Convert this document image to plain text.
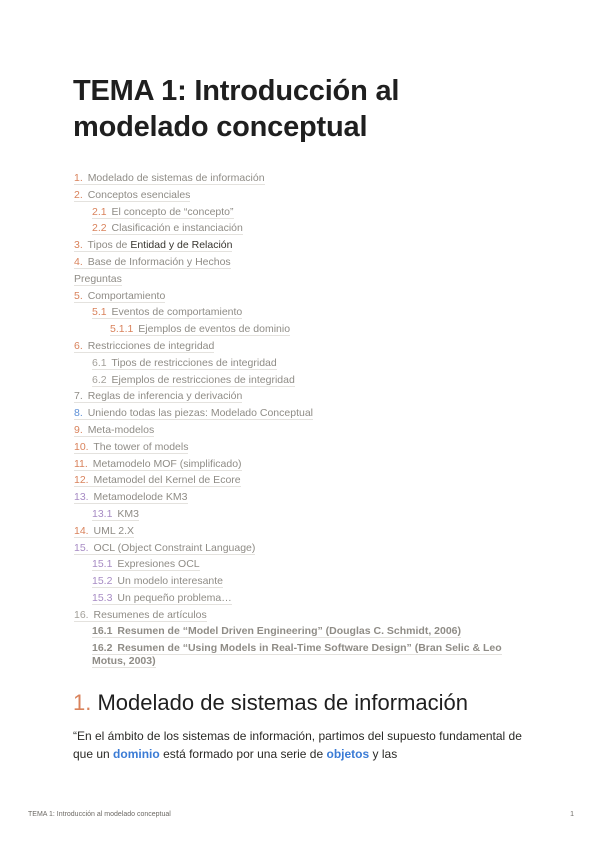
TEMA 1: Introducción al
modelado conceptual
1. Modelado de sistemas de información
2. Conceptos esenciales
2.1 El concepto de “concepto”
2.2 Clasificación e instanciación
3. Tipos de Entidad y de Relación
4. Base de Información y Hechos
Preguntas
5. Comportamiento
5.1 Eventos de comportamiento
5.1.1 Ejemplos de eventos de dominio
6. Restricciones de integridad
6.1 Tipos de restricciones de integridad
6.2 Ejemplos de restricciones de integridad
7. Reglas de inferencia y derivación
8. Uniendo todas las piezas: Modelado Conceptual
9. Meta-modelos
10. The tower of models
11. Metamodelo MOF (simplificado)
12. Metamodel del Kernel de Ecore
13. Metamodelode KM3
13.1 KM3
14. UML 2.X
15. OCL (Object Constraint Language)
15.1 Expresiones OCL
15.2 Un modelo interesante
15.3 Un pequeño problema…
16. Resumenes de artículos
16.1 Resumen de “Model Driven Engineering” (Douglas C. Schmidt, 2006)
16.2 Resumen de “Using Models in Real-Time Software Design” (Bran Selic & Leo Motus, 2003)
1. Modelado de sistemas de información

“En el ámbito de los sistemas de información, partimos del supuesto fundamental de que un dominio está formado por una serie de objetos y las

TEMA 1: Introducción al modelado conceptual	1
